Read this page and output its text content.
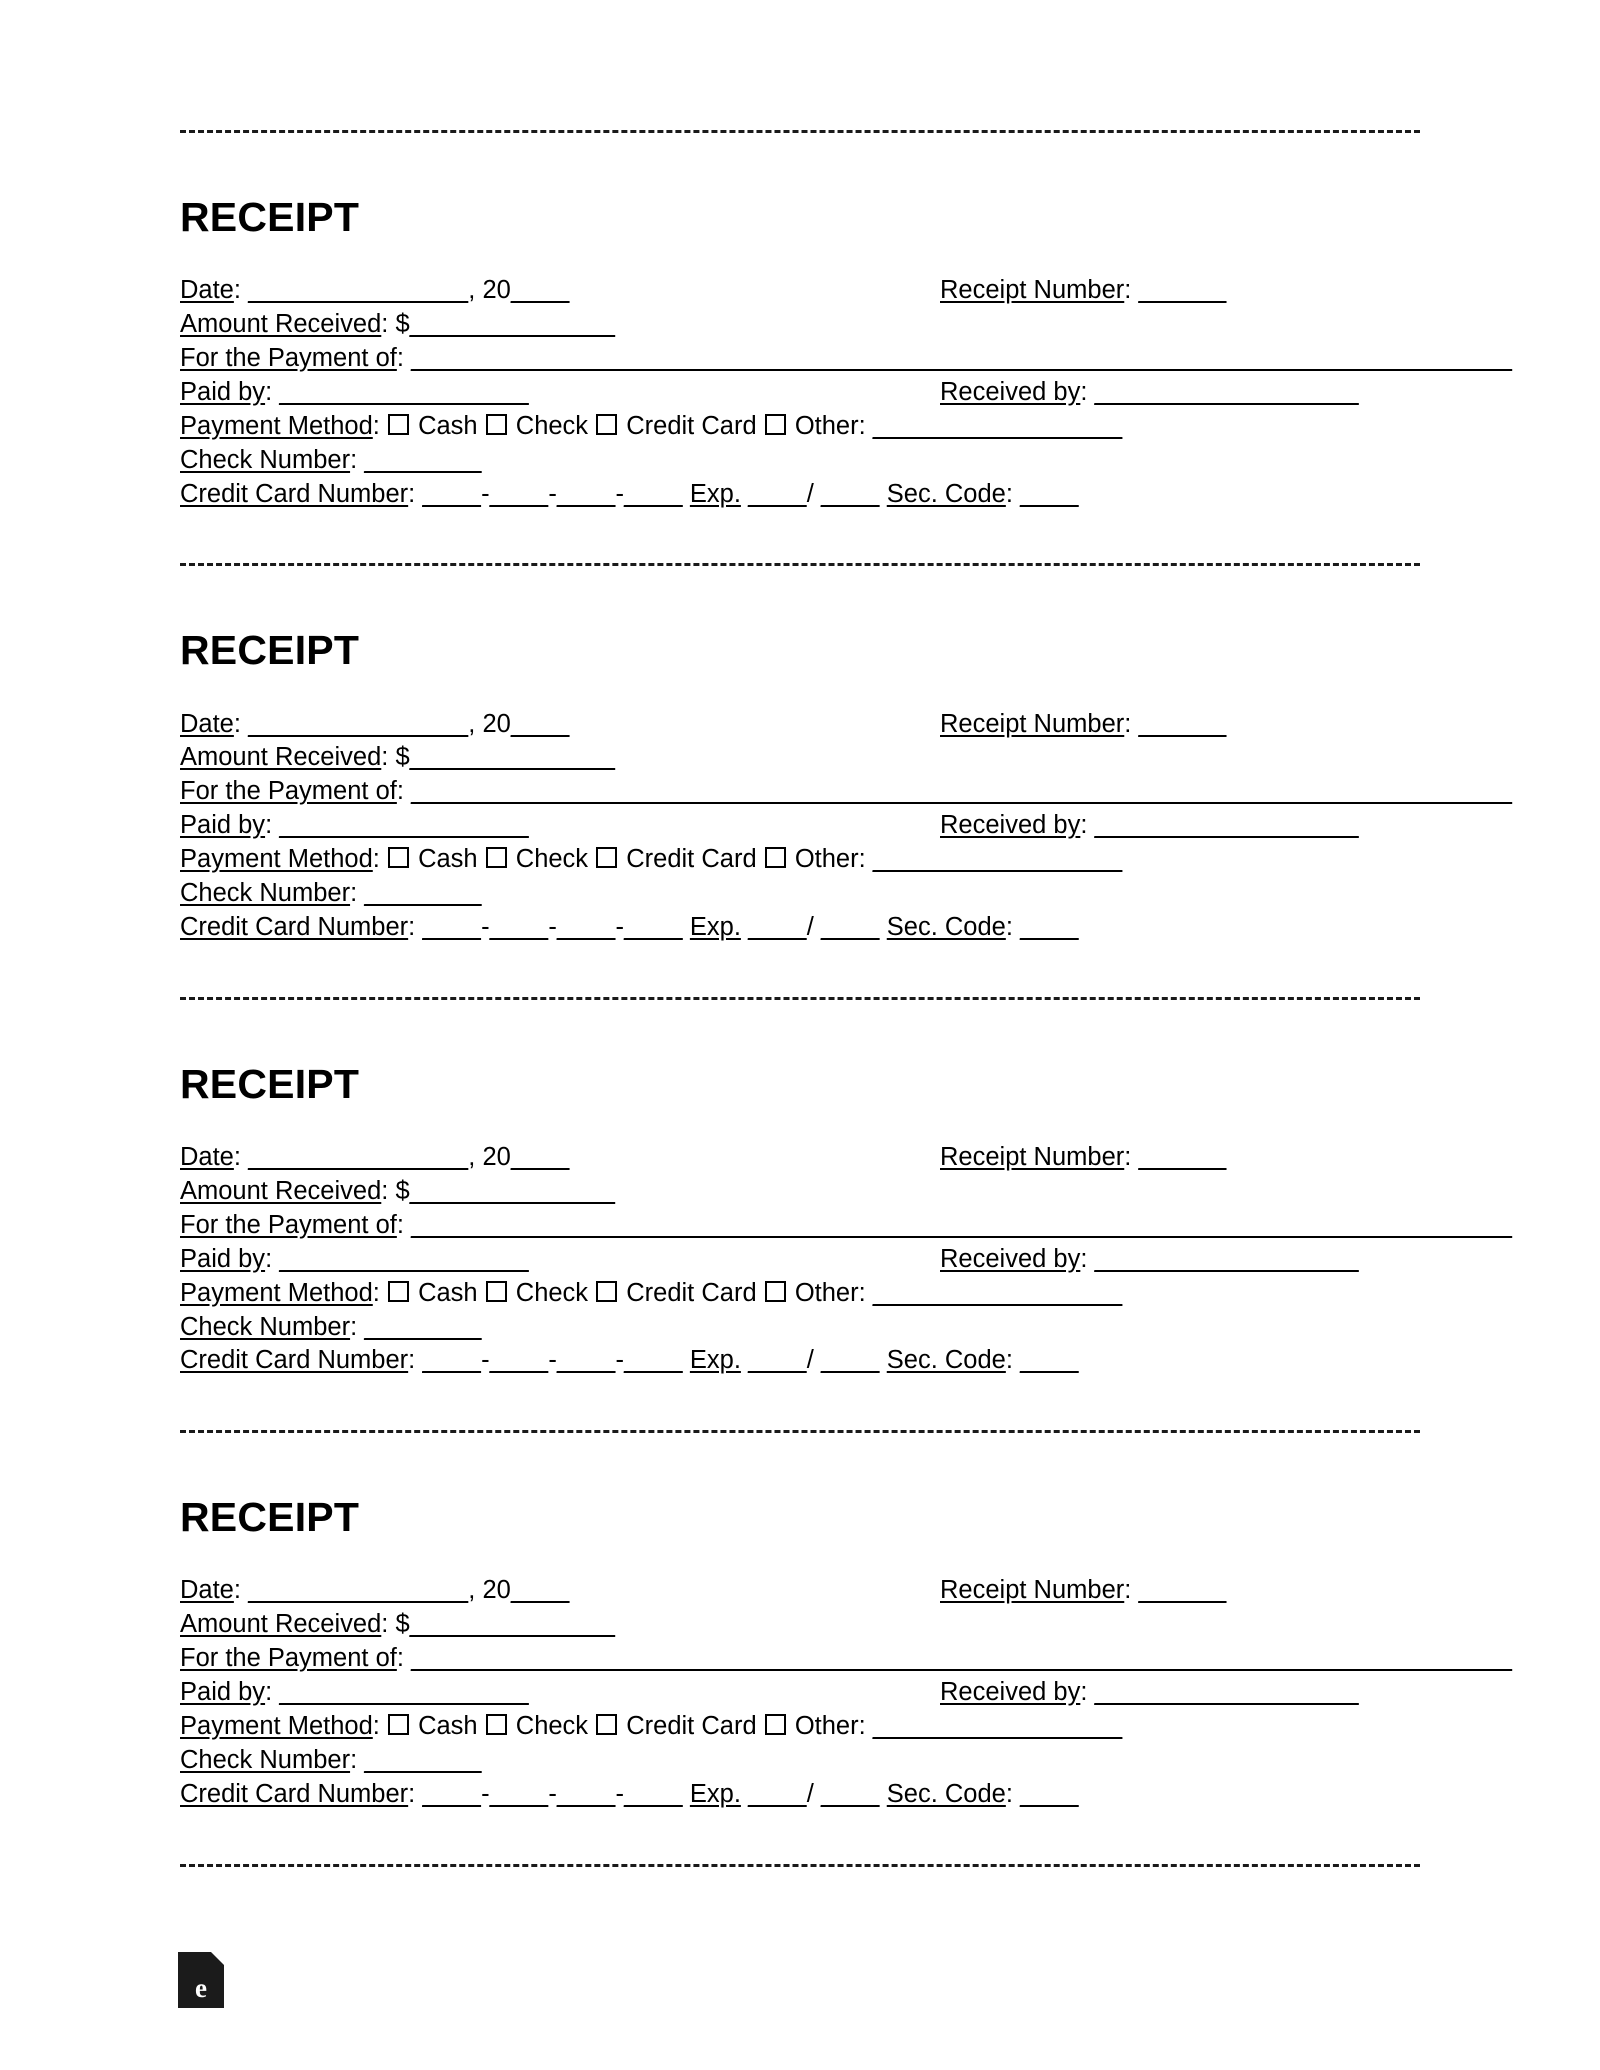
RECEIPT
Date: _______________, 20____	Receipt Number: ______
Amount Received: $______________
For the Payment of: ___________________________________________________________________________
Paid by: _________________	Received by: __________________
Payment Method: Cash Check Credit Card Other: _________________
Check Number: ________
Credit Card Number: ____-____-____-____ Exp. ____/ ____ Sec. Code: ____
RECEIPT
Date: _______________, 20____	Receipt Number: ______
Amount Received: $______________
For the Payment of: ___________________________________________________________________________
Paid by: _________________	Received by: __________________
Payment Method: Cash Check Credit Card Other: _________________
Check Number: ________
Credit Card Number: ____-____-____-____ Exp. ____/ ____ Sec. Code: ____
RECEIPT
Date: _______________, 20____	Receipt Number: ______
Amount Received: $______________
For the Payment of: ___________________________________________________________________________
Paid by: _________________	Received by: __________________
Payment Method: Cash Check Credit Card Other: _________________
Check Number: ________
Credit Card Number: ____-____-____-____ Exp. ____/ ____ Sec. Code: ____
RECEIPT
Date: _______________, 20____	Receipt Number: ______
Amount Received: $______________
For the Payment of: ___________________________________________________________________________
Paid by: _________________	Received by: __________________
Payment Method: Cash Check Credit Card Other: _________________
Check Number: ________
Credit Card Number: ____-____-____-____ Exp. ____/ ____ Sec. Code: ____
e
